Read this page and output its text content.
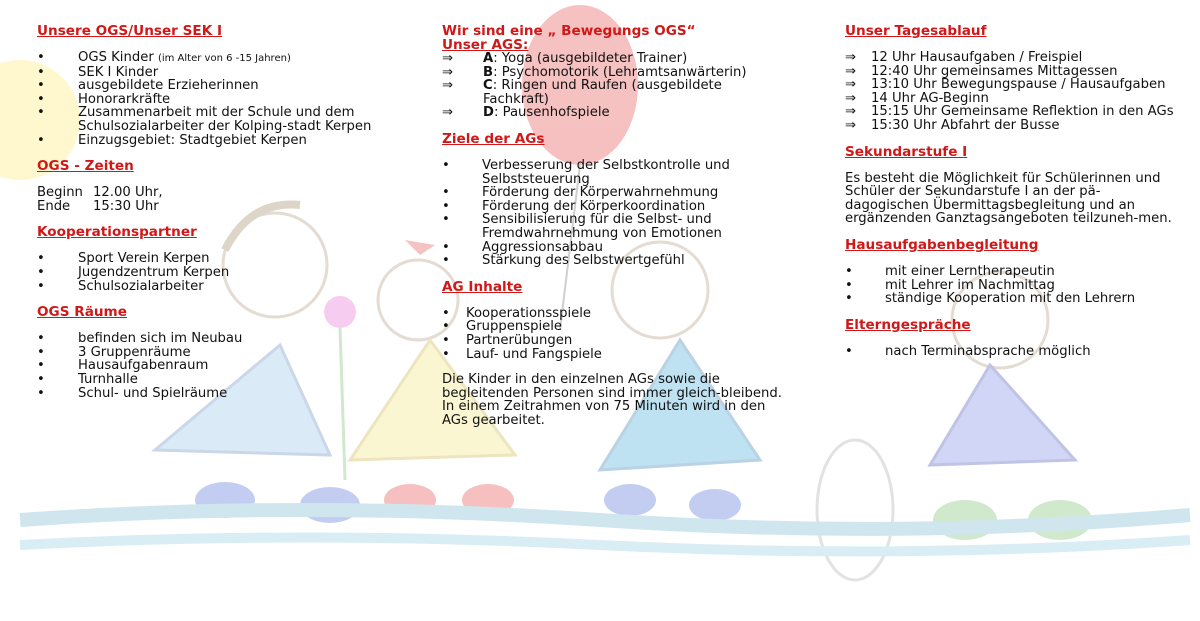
Unsere OGS/Unser SEK I
•	OGS Kinder (im Alter von 6 -15 Jahren)
•	SEK I Kinder
•	ausgebildete Erzieherinnen
•	Honorarkräfte
•	Zusammenarbeit mit der Schule und dem Schulsozialarbeiter der Kolping-stadt Kerpen
•	Einzugsgebiet: Stadtgebiet Kerpen
OGS - Zeiten
Beginn	12.00 Uhr,
Ende	15:30 Uhr
Kooperationspartner
•	Sport Verein Kerpen
•	Jugendzentrum Kerpen
•	Schulsozialarbeiter
OGS Räume
•	befinden sich im Neubau
•	3 Gruppenräume
•	Hausaufgabenraum
•	Turnhalle
•	Schul- und Spielräume
Wir sind eine „ Bewegungs OGS“
Unser AGS:
⇒	A: Yoga (ausgebildeter Trainer)
⇒	B: Psychomotorik (Lehramtsanwärterin)
⇒	C: Ringen und Raufen (ausgebildete Fachkraft)
⇒	D: Pausenhofspiele
Ziele der AGs
•	Verbesserung der Selbstkontrolle und Selbststeuerung
•	Förderung der Körperwahrnehmung
•	Förderung der Körperkoordination
•	Sensibilisierung für die Selbst- und Fremdwahrnehmung von Emotionen
•	Aggressionsabbau
•	Stärkung des Selbstwertgefühl
AG Inhalte
•	Kooperationsspiele
•	Gruppenspiele
•	Partnerübungen
•	Lauf- und Fangspiele

Die Kinder in den einzelnen AGs sowie die begleitenden Personen sind immer gleich-bleibend.

In einem Zeitrahmen von 75 Minuten wird in den AGs gearbeitet.

Unser Tagesablauf
⇒	12 Uhr Hausaufgaben / Freispiel
⇒	12:40 Uhr gemeinsames Mittagessen
⇒	13:10 Uhr Bewegungspause / Hausaufgaben
⇒	14 Uhr AG-Beginn
⇒	15:15 Uhr Gemeinsame Reflektion in den AGs
⇒	15:30 Uhr Abfahrt der Busse
Sekundarstufe I

Es besteht die Möglichkeit für Schülerinnen und Schüler der Sekundarstufe I an der pä-dagogischen Übermittagsbegleitung und an ergänzenden Ganztagsangeboten teilzuneh-men.

Hausaufgabenbegleitung
•	mit einer Lerntherapeutin
•	mit Lehrer im Nachmittag
•	ständige Kooperation mit den Lehrern
Elterngespräche
•	nach Terminabsprache möglich
